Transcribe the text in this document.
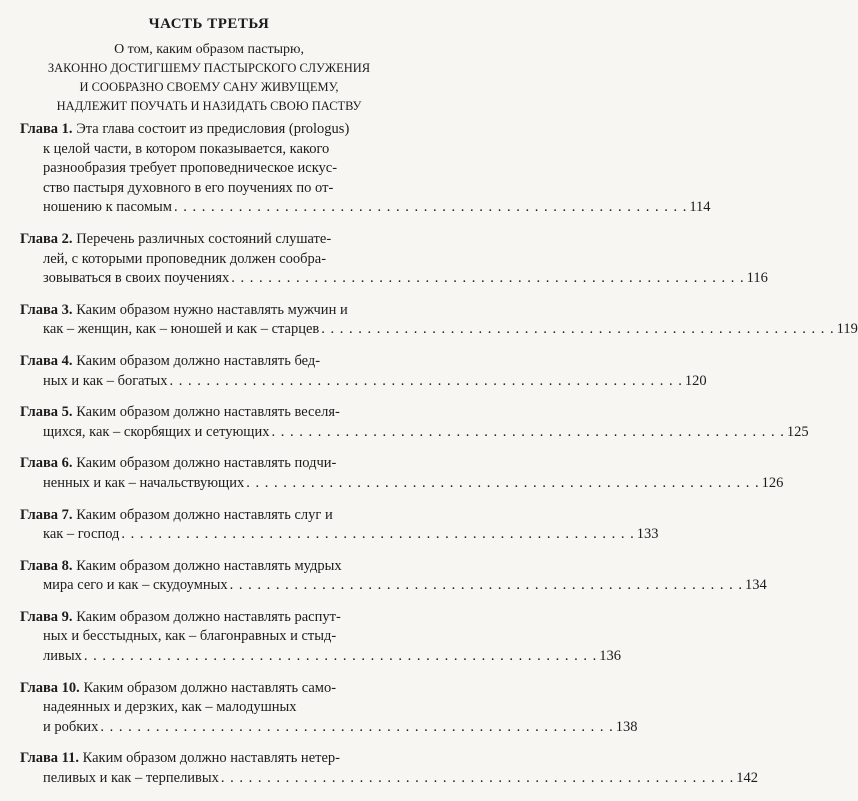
ЧАСТЬ ТРЕТЬЯ
О том, каким образом пастырю,
ЗАКОННО ДОСТИГШЕМУ ПАСТЫРСКОГО СЛУЖЕНИЯ
И СООБРАЗНО СВОЕМУ САНУ ЖИВУЩЕМУ,
НАДЛЕЖИТ ПОУЧАТЬ И НАЗИДАТЬ СВОЮ ПАСТВУ
Глава 1. Эта глава состоит из предисловия (prologus)
к целой части, в котором показывается, какого
разнообразия требует проповедническое искус-
ство пастыря духовного в его поучениях по от-
ношению к пасомым . . . . . . . . . . . . . . . . . . . . . . . . . . . . . . . . . . . . . . . . . . . . . . . . . . . . . . . . 114
Глава 2. Перечень различных состояний слушате-
лей, с которыми проповедник должен сообра-
зовываться в своих поучениях . . . . . . . . . . . . . . . . . . . . . . . . . . . . . . . . . . . . . . . . . . . . . . . . . . . . . . . . 116
Глава 3. Каким образом нужно наставлять мужчин и
как – женщин, как – юношей и как – старцев . . . . . . . . . . . . . . . . . . . . . . . . . . . . . . . . . . . . . . . . . . . . . . . . . . . . . . . . 119
Глава 4. Каким образом должно наставлять бед-
ных и как – богатых . . . . . . . . . . . . . . . . . . . . . . . . . . . . . . . . . . . . . . . . . . . . . . . . . . . . . . . . 120
Глава 5. Каким образом должно наставлять веселя-
щихся, как – скорбящих и сетующих . . . . . . . . . . . . . . . . . . . . . . . . . . . . . . . . . . . . . . . . . . . . . . . . . . . . . . . . 125
Глава 6. Каким образом должно наставлять подчи-
ненных и как – начальствующих . . . . . . . . . . . . . . . . . . . . . . . . . . . . . . . . . . . . . . . . . . . . . . . . . . . . . . . . 126
Глава 7. Каким образом должно наставлять слуг и
как – господ . . . . . . . . . . . . . . . . . . . . . . . . . . . . . . . . . . . . . . . . . . . . . . . . . . . . . . . . 133
Глава 8. Каким образом должно наставлять мудрых
мира сего и как – скудоумных . . . . . . . . . . . . . . . . . . . . . . . . . . . . . . . . . . . . . . . . . . . . . . . . . . . . . . . . 134
Глава 9. Каким образом должно наставлять распут-
ных и бесстыдных, как – благонравных и стыд-
ливых . . . . . . . . . . . . . . . . . . . . . . . . . . . . . . . . . . . . . . . . . . . . . . . . . . . . . . . . 136
Глава 10. Каким образом должно наставлять само-
надеянных и дерзких, как – малодушных
и робких . . . . . . . . . . . . . . . . . . . . . . . . . . . . . . . . . . . . . . . . . . . . . . . . . . . . . . . . 138
Глава 11. Каким образом должно наставлять нетер-
пеливых и как – терпеливых . . . . . . . . . . . . . . . . . . . . . . . . . . . . . . . . . . . . . . . . . . . . . . . . . . . . . . . . 142
